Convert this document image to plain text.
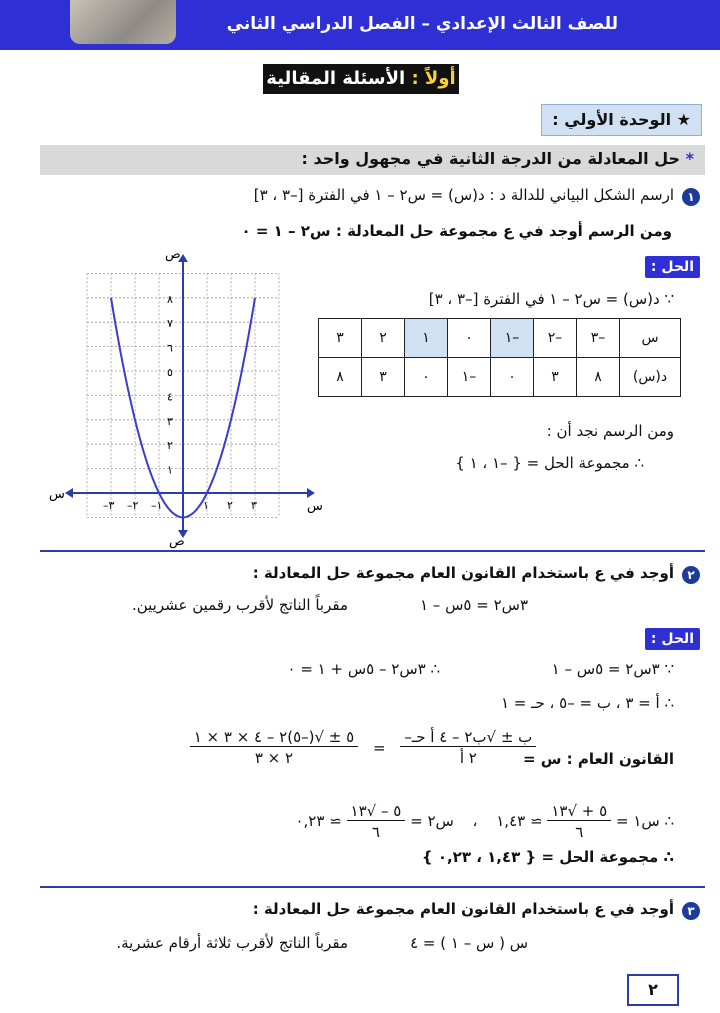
للصف الثالث الإعدادي – الفصل الدراسي الثاني
أولاً : الأسئلة المقالية
★ الوحدة الأولي :
* حل المعادلة من الدرجة الثانية في مجهول واحد :
١
ارسم الشكل البياني للدالة د : د(س) = س٢ – ١ في الفترة [–٣ ، ٣]
ومن الرسم أوجد في ع مجموعة حل المعادلة : س٢ – ١ = ٠
الحل :
∵ د(س) = س٢ – ١ في الفترة [–٣ ، ٣]
س	–٣	–٢	–١	٠	١	٢	٣
د(س)	٨	٣	٠	–١	٠	٣	٨
ومن الرسم نجد أن :
∴ مجموعة الحل = { –١ ، ١ }
ص
ص
س
س
١
٢
٣
٤
٥
٦
٧
٨
١ ٢ ٣
–١
–٢
–٣
٢
أوجد في ع باستخدام القانون العام مجموعة حل المعادلة :
٣س٢ = ٥س – ١
مقرباً الناتج لأقرب رقمين عشريين.
الحل :
∵ ٣س٢ = ٥س – ١
∴ ٣س٢ – ٥س + ١ = ٠
∴ أ = ٣ ، ب = –٥ ، حـ = ١
القانون العام : س =
$\frac{٥ \pm √(-٥)٢ - ٤ \times ٣ \times ١}{٢ \times ٣} = \frac{\text{–ب ± √ب٢ – ٤ أ حـ}}{\text{٢ أ}}$
∴ س١ =
$\frac{٥ + √١٣}{٦}$
≃ ١,٤٣ ، س٢ =
$\frac{٥ - √١٣}{٦}$
≃ ٠,٢٣
∴ مجموعة الحل = { ١,٤٣ ، ٠,٢٣ }
٣
أوجد في ع باستخدام القانون العام مجموعة حل المعادلة :
س ( س – ١ ) = ٤
مقرباً الناتج لأقرب ثلاثة أرقام عشرية.
٢
